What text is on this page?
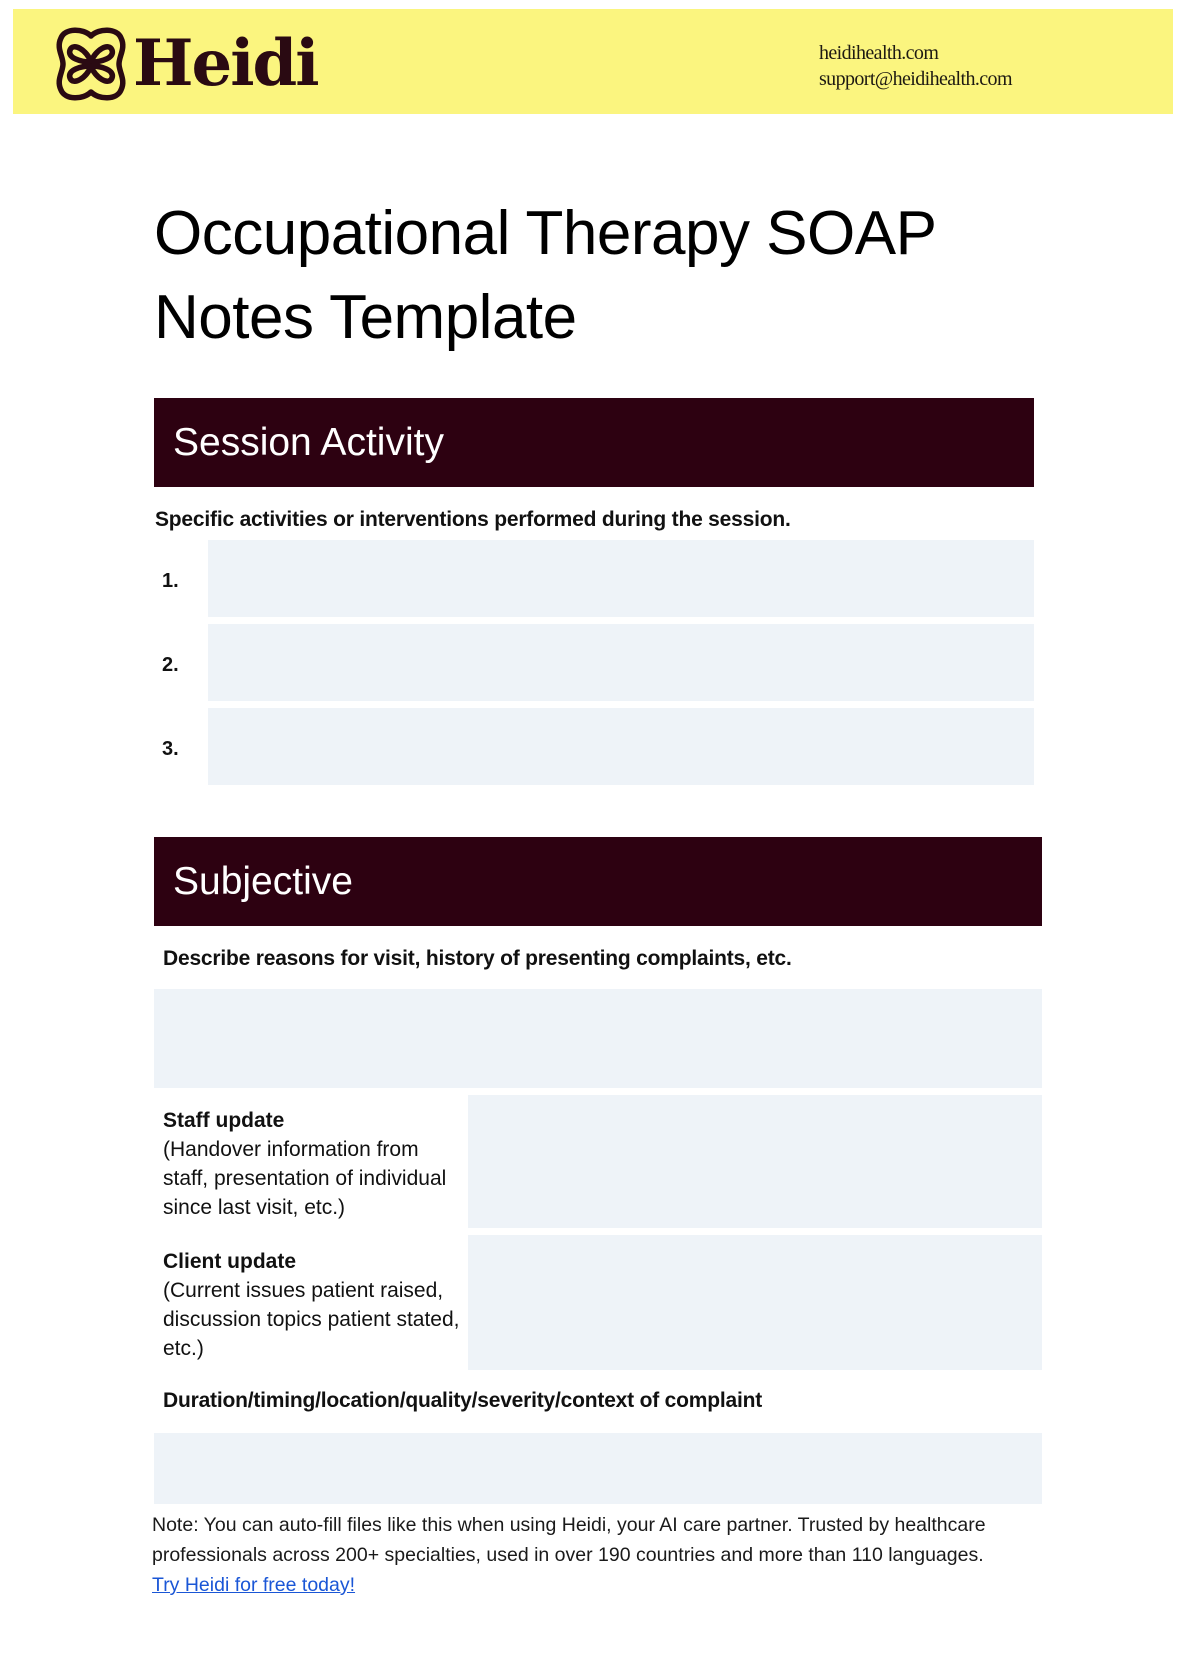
Heidi	heidihealth.com
support@heidihealth.com
Occupational Therapy SOAP Notes Template
Session Activity
Specific activities or interventions performed during the session.
1.
2.
3.
Subjective
Describe reasons for visit, history of presenting complaints, etc.
Staff update
(Handover information from staff, presentation of individual since last visit, etc.)
Client update
(Current issues patient raised, discussion topics patient stated, etc.)
Duration/timing/location/quality/severity/context of complaint
Note: You can auto-fill files like this when using Heidi, your AI care partner. Trusted by healthcare professionals across 200+ specialties, used in over 190 countries and more than 110 languages.
Try Heidi for free today!
